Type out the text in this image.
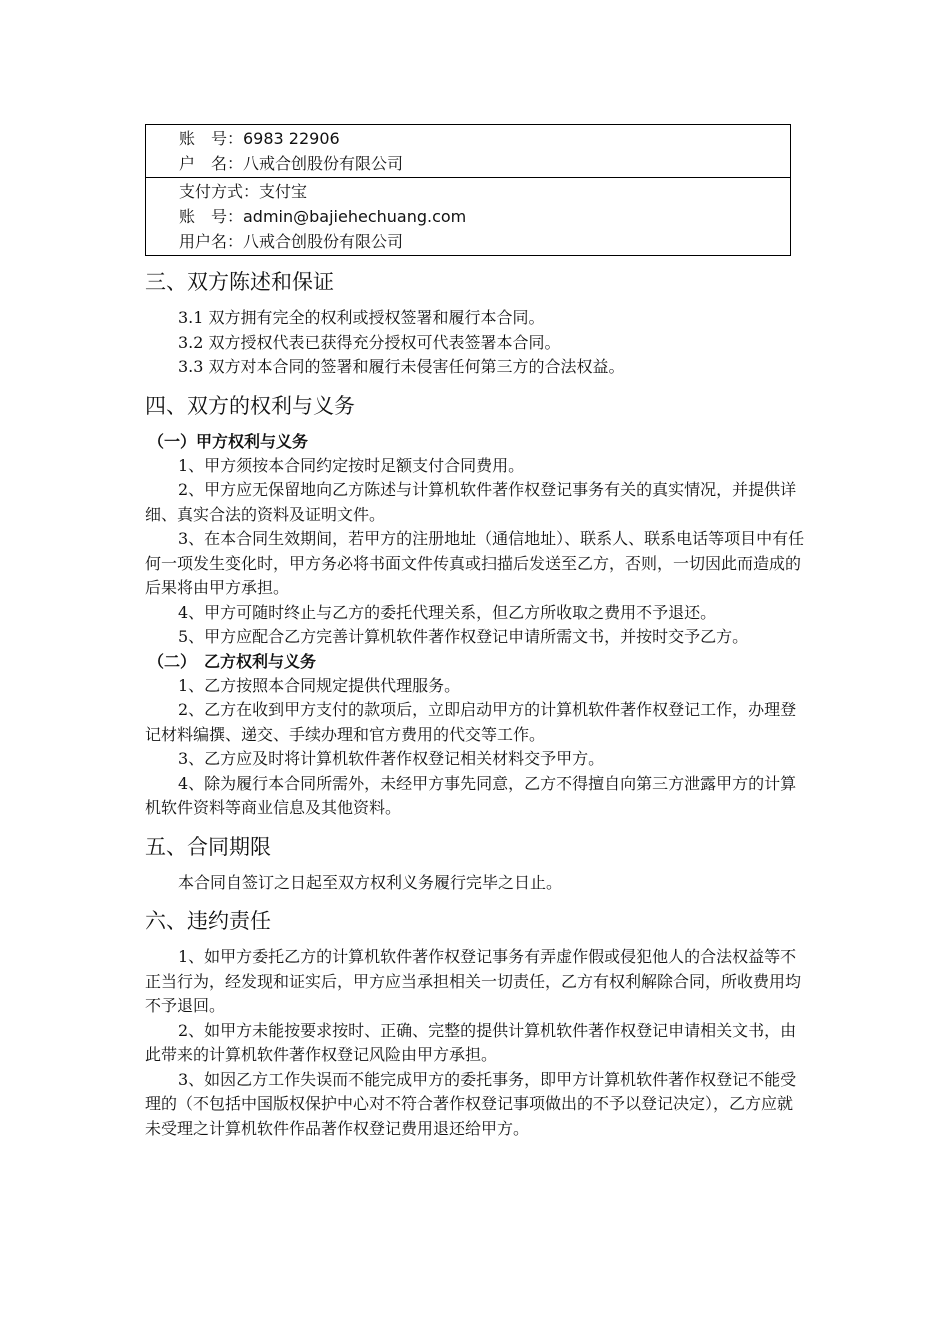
账　号：6983 22906
户　名：八戒合创股份有限公司

支付方式：支付宝
账　号：admin@bajiehechuang.com
用户名：八戒合创股份有限公司
三、双方陈述和保证

3.1 双方拥有完全的权利或授权签署和履行本合同。

3.2 双方授权代表已获得充分授权可代表签署本合同。

3.3 双方对本合同的签署和履行未侵害任何第三方的合法权益。

四、双方的权利与义务
（一）甲方权利与义务

1、甲方须按本合同约定按时足额支付合同费用。

2、甲方应无保留地向乙方陈述与计算机软件著作权登记事务有关的真实情况，并提供详细、真实合法的资料及证明文件。

3、在本合同生效期间，若甲方的注册地址（通信地址）、联系人、联系电话等项目中有任何一项发生变化时，甲方务必将书面文件传真或扫描后发送至乙方，否则，一切因此而造成的后果将由甲方承担。

4、甲方可随时终止与乙方的委托代理关系，但乙方所收取之费用不予退还。

5、甲方应配合乙方完善计算机软件著作权登记申请所需文书，并按时交予乙方。

（二）　乙方权利与义务

1、乙方按照本合同规定提供代理服务。

2、乙方在收到甲方支付的款项后，立即启动甲方的计算机软件著作权登记工作，办理登记材料编撰、递交、手续办理和官方费用的代交等工作。

3、乙方应及时将计算机软件著作权登记相关材料交予甲方。

4、除为履行本合同所需外，未经甲方事先同意，乙方不得擅自向第三方泄露甲方的计算机软件资料等商业信息及其他资料。

五、合同期限

本合同自签订之日起至双方权利义务履行完毕之日止。

六、违约责任

1、如甲方委托乙方的计算机软件著作权登记事务有弄虚作假或侵犯他人的合法权益等不正当行为，经发现和证实后，甲方应当承担相关一切责任，乙方有权利解除合同，所收费用均不予退回。

2、如甲方未能按要求按时、正确、完整的提供计算机软件著作权登记申请相关文书，由此带来的计算机软件著作权登记风险由甲方承担。

3、如因乙方工作失误而不能完成甲方的委托事务，即甲方计算机软件著作权登记不能受理的（不包括中国版权保护中心对不符合著作权登记事项做出的不予以登记决定），乙方应就未受理之计算机软件作品著作权登记费用退还给甲方。
